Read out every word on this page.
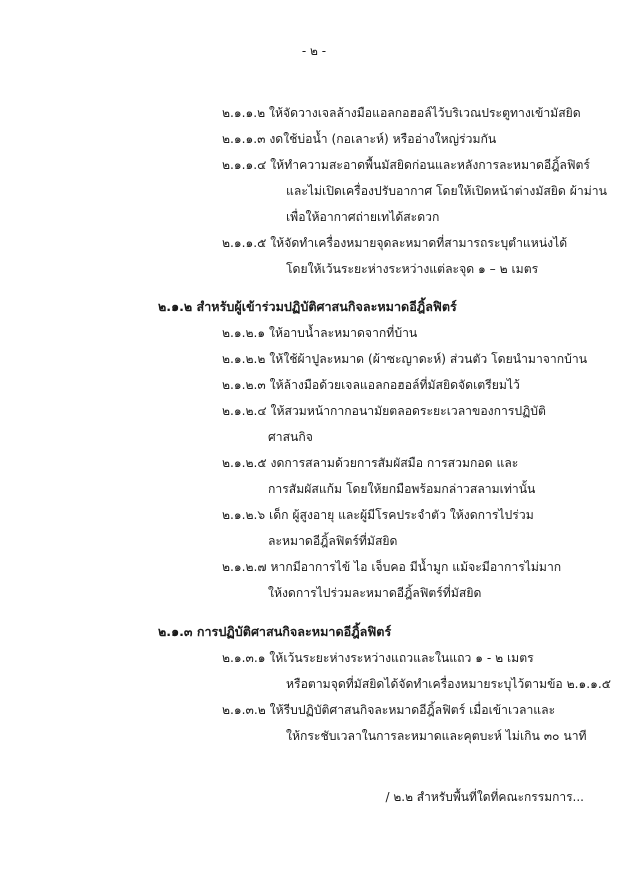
- ๒ -
๒.๑.๑.๒ ให้จัดวางเจลล้างมือแอลกอฮอล์ไว้บริเวณประตูทางเข้ามัสยิด
๒.๑.๑.๓ งดใช้บ่อน้ำ (กอเลาะห์) หรืออ่างใหญ่ร่วมกัน
๒.๑.๑.๔ ให้ทำความสะอาดพื้นมัสยิดก่อนและหลังการละหมาดอีฎิ้ลฟิตร์
และไม่เปิดเครื่องปรับอากาศ โดยให้เปิดหน้าต่างมัสยิด ผ้าม่าน
เพื่อให้อากาศถ่ายเทได้สะดวก
๒.๑.๑.๕ ให้จัดทำเครื่องหมายจุดละหมาดที่สามารถระบุตำแหน่งได้
โดยให้เว้นระยะห่างระหว่างแต่ละจุด ๑ – ๒ เมตร
๒.๑.๒ สำหรับผู้เข้าร่วมปฏิบัติศาสนกิจละหมาดอีฎิ้ลฟิตร์
๒.๑.๒.๑ ให้อาบน้ำละหมาดจากที่บ้าน
๒.๑.๒.๒ ให้ใช้ผ้าปูละหมาด (ผ้าซะญาดะห์) ส่วนตัว โดยนำมาจากบ้าน
๒.๑.๒.๓ ให้ล้างมือด้วยเจลแอลกอฮอล์ที่มัสยิดจัดเตรียมไว้
๒.๑.๒.๔ ให้สวมหน้ากากอนามัยตลอดระยะเวลาของการปฏิบัติ
ศาสนกิจ
๒.๑.๒.๕ งดการสลามด้วยการสัมผัสมือ การสวมกอด และ
การสัมผัสแก้ม โดยให้ยกมือพร้อมกล่าวสลามเท่านั้น
๒.๑.๒.๖ เด็ก ผู้สูงอายุ และผู้มีโรคประจำตัว ให้งดการไปร่วม
ละหมาดอีฎิ้ลฟิตร์ที่มัสยิด
๒.๑.๒.๗ หากมีอาการไข้ ไอ เจ็บคอ มีน้ำมูก แม้จะมีอาการไม่มาก
ให้งดการไปร่วมละหมาดอีฎิ้ลฟิตร์ที่มัสยิด
๒.๑.๓ การปฏิบัติศาสนกิจละหมาดอีฎิ้ลฟิตร์
๒.๑.๓.๑ ให้เว้นระยะห่างระหว่างแถวและในแถว ๑ - ๒ เมตร
หรือตามจุดที่มัสยิดได้จัดทำเครื่องหมายระบุไว้ตามข้อ ๒.๑.๑.๕
๒.๑.๓.๒ ให้รีบปฏิบัติศาสนกิจละหมาดอีฎิ้ลฟิตร์ เมื่อเข้าเวลาและ
ให้กระชับเวลาในการละหมาดและคุตบะห์ ไม่เกิน ๓๐ นาที
/ ๒.๒ สำหรับพื้นที่ใดที่คณะกรรมการ...
